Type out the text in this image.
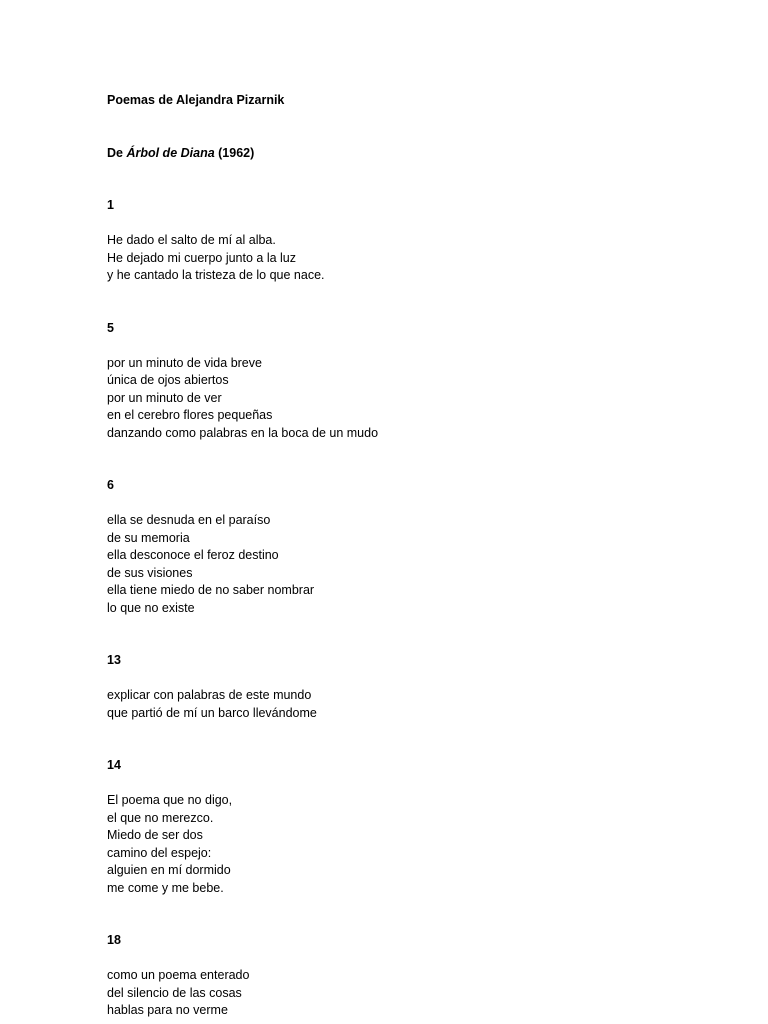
Poemas de Alejandra Pizarnik
De Árbol de Diana (1962)
1
He dado el salto de mí al alba.
He dejado mi cuerpo junto a la luz
y he cantado la tristeza de lo que nace.
5
por un minuto de vida breve
única de ojos abiertos
por un minuto de ver
en el cerebro flores pequeñas
danzando como palabras en la boca de un mudo
6
ella se desnuda en el paraíso
de su memoria
ella desconoce el feroz destino
de sus visiones
ella tiene miedo de no saber nombrar
lo que no existe
13
explicar con palabras de este mundo
que partió de mí un barco llevándome
14
El poema que no digo,
el que no merezco.
Miedo de ser dos
camino del espejo:
alguien en mí dormido
me come y me bebe.
18
como un poema enterado
del silencio de las cosas
hablas para no verme
